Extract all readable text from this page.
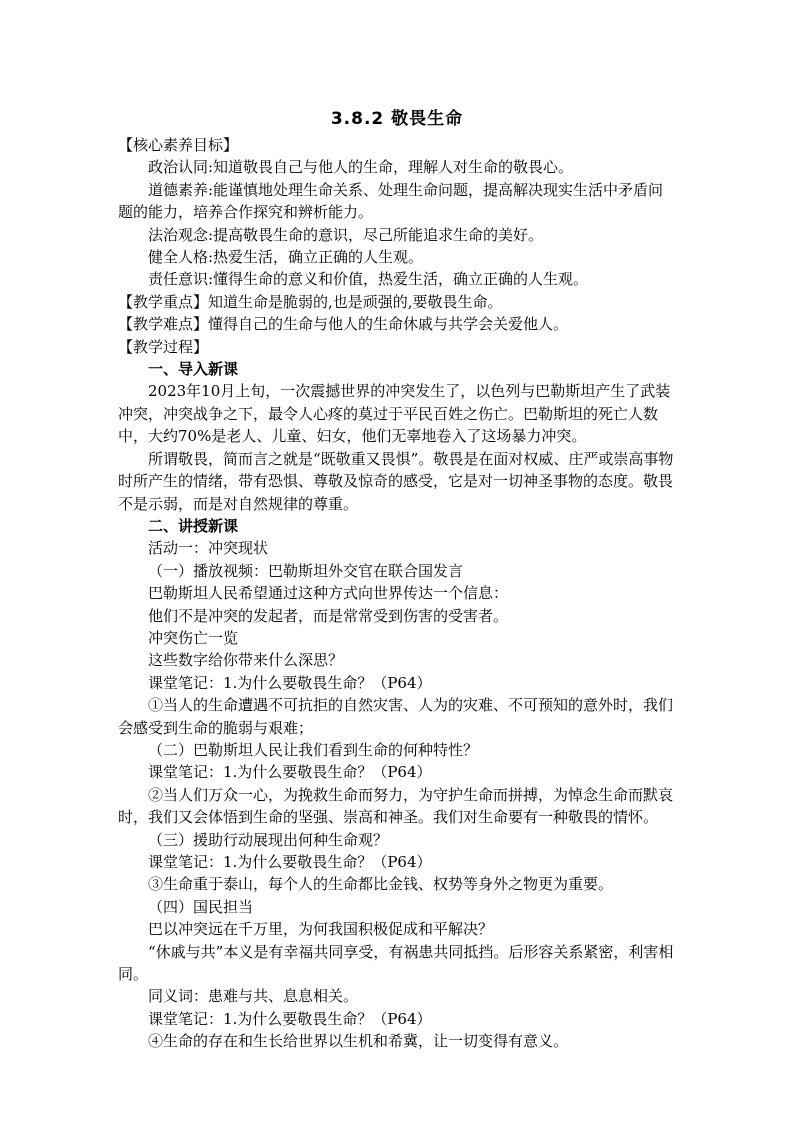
3.8.2 敬畏生命

【核心素养目标】

政治认同:知道敬畏自己与他人的生命，理解人对生命的敬畏心。

道德素养:能谨慎地处理生命关系、处理生命问题，提高解决现实生活中矛盾问题的能力，培养合作探究和辨析能力。

法治观念:提高敬畏生命的意识，尽己所能追求生命的美好。

健全人格:热爱生活，确立正确的人生观。

责任意识:懂得生命的意义和价值，热爱生活，确立正确的人生观。

【教学重点】知道生命是脆弱的,也是顽强的,要敬畏生命。

【教学难点】懂得自己的生命与他人的生命休戚与共学会关爱他人。

【教学过程】

一、导入新课

2023年10月上旬，一次震撼世界的冲突发生了，以色列与巴勒斯坦产生了武装冲突，冲突战争之下，最令人心疼的莫过于平民百姓之伤亡。巴勒斯坦的死亡人数中，大约70%是老人、儿童、妇女，他们无辜地卷入了这场暴力冲突。

所谓敬畏，简而言之就是“既敬重又畏惧”。敬畏是在面对权威、庄严或崇高事物时所产生的情绪，带有恐惧、尊敬及惊奇的感受，它是对一切神圣事物的态度。敬畏不是示弱，而是对自然规律的尊重。

二、讲授新课

活动一：冲突现状

（一）播放视频：巴勒斯坦外交官在联合国发言

巴勒斯坦人民希望通过这种方式向世界传达一个信息：

他们不是冲突的发起者，而是常常受到伤害的受害者。

冲突伤亡一览

这些数字给你带来什么深思？

课堂笔记：1.为什么要敬畏生命？（P64）

①当人的生命遭遇不可抗拒的自然灾害、人为的灾难、不可预知的意外时，我们会感受到生命的脆弱与艰难；

（二）巴勒斯坦人民让我们看到生命的何种特性？

课堂笔记：1.为什么要敬畏生命？（P64）

②当人们万众一心，为挽救生命而努力，为守护生命而拼搏，为悼念生命而默哀时，我们又会体悟到生命的坚强、崇高和神圣。我们对生命要有一种敬畏的情怀。

（三）援助行动展现出何种生命观？

课堂笔记：1.为什么要敬畏生命？（P64）

③生命重于泰山，每个人的生命都比金钱、权势等身外之物更为重要。

（四）国民担当

巴以冲突远在千万里，为何我国积极促成和平解决？

“休戚与共”本义是有幸福共同享受，有祸患共同抵挡。后形容关系紧密，利害相同。

同义词：患难与共、息息相关。

课堂笔记：1.为什么要敬畏生命？（P64）

④生命的存在和生长给世界以生机和希冀，让一切变得有意义。
